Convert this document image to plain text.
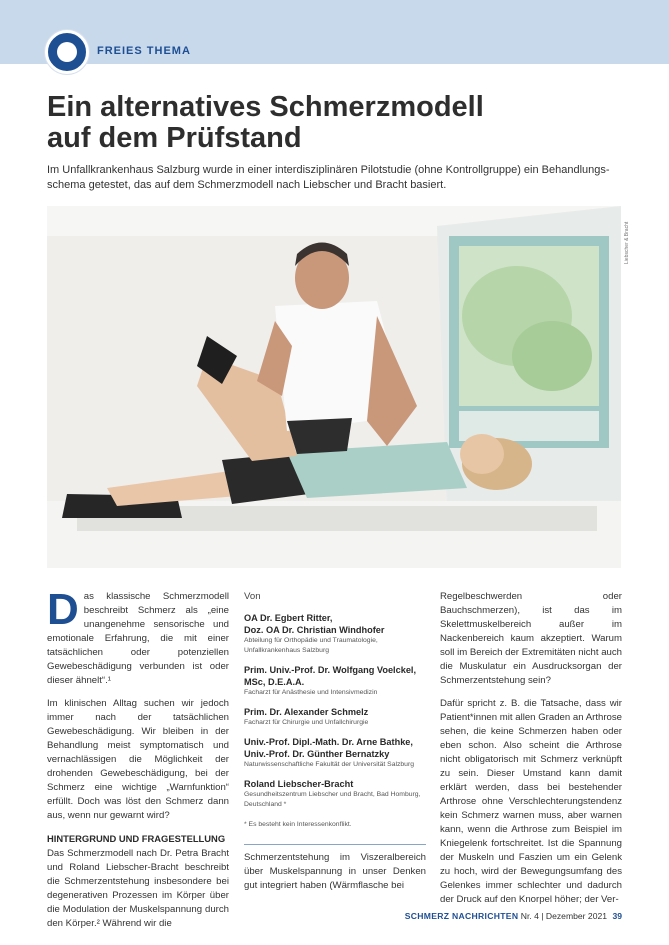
FREIES THEMA
Ein alternatives Schmerzmodell
auf dem Prüfstand

Im Unfallkrankenhaus Salzburg wurde in einer interdisziplinären Pilotstudie (ohne Kontrollgruppe) ein Behandlungsschema getestet, das auf dem Schmerzmodell nach Liebscher und Bracht basiert.

Liebscher & Bracht

Das klassische Schmerzmodell beschreibt Schmerz als „eine unangenehme sensorische und emotionale Erfahrung, die mit einer tatsächlichen oder potenziellen Gewebeschädigung verbunden ist oder dieser ähnelt“.¹

Im klinischen Alltag suchen wir jedoch immer nach der tatsächlichen Gewebeschädigung. Wir bleiben in der Behandlung meist symptomatisch und vernachlässigen die Möglichkeit der drohenden Gewebeschädigung, bei der Schmerz eine wichtige „Warnfunktion“ erfüllt. Doch was löst den Schmerz dann aus, wenn nur gewarnt wird?

HINTERGRUND UND FRAGESTELLUNG

Das Schmerzmodell nach Dr. Petra Bracht und Roland Liebscher-Bracht beschreibt die Schmerzentstehung insbesondere bei degenerativen Prozessen im Körper über die Modulation der Muskelspannung durch den Körper.² Während wir die

Von
OA Dr. Egbert Ritter,
Doz. OA Dr. Christian Windhofer
Abteilung für Orthopädie und Traumatologie, Unfallkrankenhaus Salzburg
Prim. Univ.-Prof. Dr. Wolfgang Voelckel,
MSc, D.E.A.A.
Facharzt für Anästhesie und Intensivmedizin
Prim. Dr. Alexander Schmelz
Facharzt für Chirurgie und Unfallchirurgie
Univ.-Prof. Dipl.-Math. Dr. Arne Bathke,
Univ.-Prof. Dr. Günther Bernatzky
Naturwissenschaftliche Fakultät der Universität Salzburg
Roland Liebscher-Bracht
Gesundheitszentrum Liebscher und Bracht, Bad Homburg, Deutschland *
* Es besteht kein Interessenkonflikt.

Schmerzentstehung im Viszeralbereich über Muskelspannung in unser Denken gut integriert haben (Wärmflasche bei

Regelbeschwerden oder Bauchschmerzen), ist das im Skelettmuskelbereich außer im Nackenbereich kaum akzeptiert. Warum soll im Bereich der Extremitäten nicht auch die Muskulatur ein Ausdrucksorgan der Schmerzentstehung sein?

Dafür spricht z. B. die Tatsache, dass wir Patient*innen mit allen Graden an Arthrose sehen, die keine Schmerzen haben oder eben schon. Also scheint die Arthrose nicht obligatorisch mit Schmerz verknüpft zu sein. Dieser Umstand kann damit erklärt werden, dass bei bestehender Arthrose ohne Verschlechterungstendenz kein Schmerz warnen muss, aber warnen kann, wenn die Arthrose zum Beispiel im Kniegelenk fortschreitet. Ist die Spannung der Muskeln und Faszien um ein Gelenk zu hoch, wird der Bewegungsumfang des Gelenkes immer schlechter und dadurch der Druck auf den Knorpel höher; der Ver-

SCHMERZ NACHRICHTEN Nr. 4 | Dezember 2021 39
